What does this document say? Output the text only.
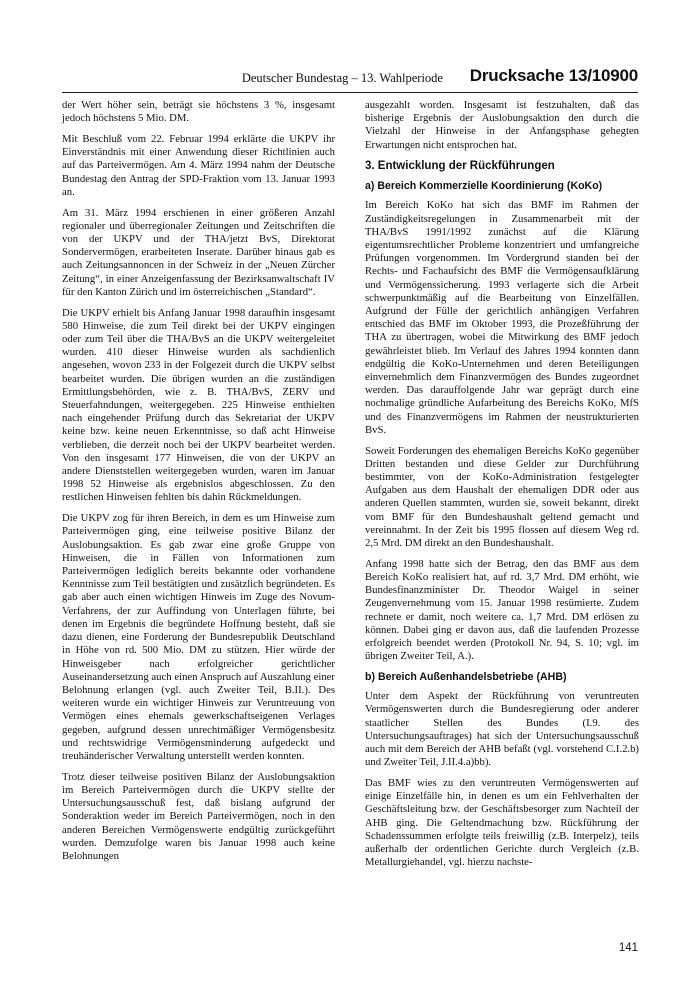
Deutscher Bundestag – 13. Wahlperiode Drucksache 13/10900

der Wert höher sein, beträgt sie höchstens 3 %, insgesamt jedoch höchstens 5 Mio. DM.

Mit Beschluß vom 22. Februar 1994 erklärte die UKPV ihr Einverständnis mit einer Anwendung dieser Richtlinien auch auf das Parteivermögen. Am 4. März 1994 nahm der Deutsche Bundestag den Antrag der SPD-Fraktion vom 13. Januar 1993 an.

Am 31. März 1994 erschienen in einer größeren Anzahl regionaler und überregionaler Zeitungen und Zeitschriften die von der UKPV und der THA/jetzt BvS, Direktorat Sondervermögen, erarbeiteten Inserate. Darüber hinaus gab es auch Zeitungsannoncen in der Schweiz in der „Neuen Zürcher Zeitung“, in einer Anzeigenfassung der Bezirksanwaltschaft IV für den Kanton Zürich und im österreichischen „Standard“.

Die UKPV erhielt bis Anfang Januar 1998 daraufhin insgesamt 580 Hinweise, die zum Teil direkt bei der UKPV eingingen oder zum Teil über die THA/BvS an die UKPV weitergeleitet wurden. 410 dieser Hinweise wurden als sachdienlich angesehen, wovon 233 in der Folgezeit durch die UKPV selbst bearbeitet wurden. Die übrigen wurden an die zuständigen Ermittlungsbehörden, wie z. B. THA/BvS, ZERV und Steuerfahndungen, weitergegeben. 225 Hinweise enthielten nach eingehender Prüfung durch das Sekretariat der UKPV keine bzw. keine neuen Erkenntnisse, so daß acht Hinweise verblieben, die derzeit noch bei der UKPV bearbeitet werden. Von den insgesamt 177 Hinweisen, die von der UKPV an andere Dienststellen weitergegeben wurden, waren im Januar 1998 52 Hinweise als ergebnislos abgeschlossen. Zu den restlichen Hinweisen fehlten bis dahin Rückmeldungen.

Die UKPV zog für ihren Bereich, in dem es um Hinweise zum Parteivermögen ging, eine teilweise positive Bilanz der Auslobungsaktion. Es gab zwar eine große Gruppe von Hinweisen, die in Fällen von Informationen zum Parteivermögen lediglich bereits bekannte oder vorhandene Kenntnisse zum Teil bestätigten und zusätzlich begründeten. Es gab aber auch einen wichtigen Hinweis im Zuge des Novum-Verfahrens, der zur Auffindung von Unterlagen führte, bei denen im Ergebnis die begründete Hoffnung besteht, daß sie dazu dienen, eine Forderung der Bundesrepublik Deutschland in Höhe von rd. 500 Mio. DM zu stützen. Hier würde der Hinweisgeber nach erfolgreicher gerichtlicher Auseinandersetzung auch einen Anspruch auf Auszahlung einer Belohnung erlangen (vgl. auch Zweiter Teil, B.II.). Des weiteren wurde ein wichtiger Hinweis zur Veruntreuung von Vermögen eines ehemals gewerkschaftseigenen Verlages gegeben, aufgrund dessen unrechtmäßiger Vermögensbesitz und rechtswidrige Vermögensminderung aufgedeckt und treuhänderischer Verwaltung unterstellt werden konnten.

Trotz dieser teilweise positiven Bilanz der Auslobungsaktion im Bereich Parteivermögen durch die UKPV stellte der Untersuchungsausschuß fest, daß bislang aufgrund der Sonderaktion weder im Bereich Parteivermögen, noch in den anderen Bereichen Vermögenswerte endgültig zurückgeführt wurden. Demzufolge waren bis Januar 1998 auch keine Belohnungen

ausgezahlt worden. Insgesamt ist festzuhalten, daß das bisherige Ergebnis der Auslobungsaktion den durch die Vielzahl der Hinweise in der Anfangsphase gehegten Erwartungen nicht entsprochen hat.

3. Entwicklung der Rückführungen
a) Bereich Kommerzielle Koordinierung (KoKo)

Im Bereich KoKo hat sich das BMF im Rahmen der Zuständigkeitsregelungen in Zusammenarbeit mit der THA/BvS 1991/1992 zunächst auf die Klärung eigentumsrechtlicher Probleme konzentriert und umfangreiche Prüfungen vorgenommen. Im Vordergrund standen bei der Rechts- und Fachaufsicht des BMF die Vermögensaufklärung und Vermögenssicherung. 1993 verlagerte sich die Arbeit schwerpunktmäßig auf die Bearbeitung von Einzelfällen. Aufgrund der Fülle der gerichtlich anhängigen Verfahren entschied das BMF im Oktober 1993, die Prozeßführung der THA zu übertragen, wobei die Mitwirkung des BMF jedoch gewährleistet blieb. Im Verlauf des Jahres 1994 konnten dann endgültig die KoKo-Unternehmen und deren Beteiligungen einvernehmlich dem Finanzvermögen des Bundes zugeordnet werden. Das darauffolgende Jahr war geprägt durch eine nochmalige gründliche Aufarbeitung des Bereichs KoKo, MfS und des Finanzvermögens im Rahmen der neustrukturierten BvS.

Soweit Forderungen des ehemaligen Bereichs KoKo gegenüber Dritten bestanden und diese Gelder zur Durchführung bestimmter, von der KoKo-Administration festgelegter Aufgaben aus dem Haushalt der ehemaligen DDR oder aus anderen Quellen stammten, wurden sie, soweit bekannt, direkt vom BMF für den Bundeshaushalt geltend gemacht und vereinnahmt. In der Zeit bis 1995 flossen auf diesem Weg rd. 2,5 Mrd. DM direkt an den Bundeshaushalt.

Anfang 1998 hatte sich der Betrag, den das BMF aus dem Bereich KoKo realisiert hat, auf rd. 3,7 Mrd. DM erhöht, wie Bundesfinanzminister Dr. Theodor Waigel in seiner Zeugenvernehmung vom 15. Januar 1998 resümierte. Zudem rechnete er damit, noch weitere ca. 1,7 Mrd. DM erlösen zu können. Dabei ging er davon aus, daß die laufenden Prozesse erfolgreich beendet werden (Protokoll Nr. 94, S. 10; vgl. im übrigen Zweiter Teil, A.).

b) Bereich Außenhandelsbetriebe (AHB)

Unter dem Aspekt der Rückführung von veruntreuten Vermögenswerten durch die Bundesregierung oder anderer staatlicher Stellen des Bundes (I.9. des Untersuchungsauftrages) hat sich der Untersuchungsausschuß auch mit dem Bereich der AHB befaßt (vgl. vorstehend C.I.2.b) und Zweiter Teil, J.II.4.a)bb).

Das BMF wies zu den veruntreuten Vermögenswerten auf einige Einzelfälle hin, in denen es um ein Fehlverhalten der Geschäftsleitung bzw. der Geschäftsbesorger zum Nachteil der AHB ging. Die Geltendmachung bzw. Rückführung der Schadenssummen erfolgte teils freiwillig (z.B. Interpelz), teils außerhalb der ordentlichen Gerichte durch Vergleich (z.B. Metallurgiehandel, vgl. hierzu nachste-

141
